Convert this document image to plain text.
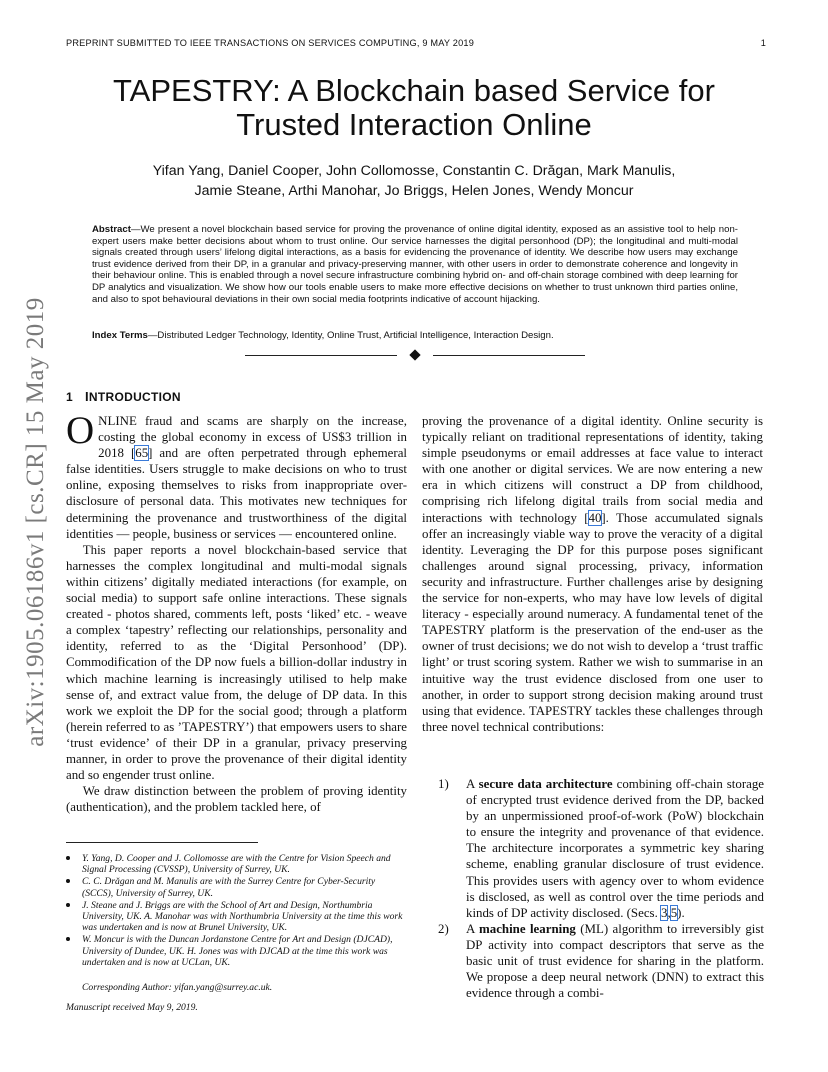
PREPRINT SUBMITTED TO IEEE TRANSACTIONS ON SERVICES COMPUTING, 9 MAY 2019	1
arXiv:1905.06186v1 [cs.CR] 15 May 2019
TAPESTRY: A Blockchain based Service for
Trusted Interaction Online
Yifan Yang, Daniel Cooper, John Collomosse, Constantin C. Drăgan, Mark Manulis,
Jamie Steane, Arthi Manohar, Jo Briggs, Helen Jones, Wendy Moncur
Abstract—We present a novel blockchain based service for proving the provenance of online digital identity, exposed as an assistive tool to help non-expert users make better decisions about whom to trust online. Our service harnesses the digital personhood (DP); the longitudinal and multi-modal signals created through users’ lifelong digital interactions, as a basis for evidencing the provenance of identity. We describe how users may exchange trust evidence derived from their DP, in a granular and privacy-preserving manner, with other users in order to demonstrate coherence and longevity in their behaviour online. This is enabled through a novel secure infrastructure combining hybrid on- and off-chain storage combined with deep learning for DP analytics and visualization. We show how our tools enable users to make more effective decisions on whether to trust unknown third parties online, and also to spot behavioural deviations in their own social media footprints indicative of account hijacking.
Index Terms—Distributed Ledger Technology, Identity, Online Trust, Artificial Intelligence, Interaction Design.
1 INTRODUCTION

ONLINE fraud and scams are sharply on the increase, costing the global economy in excess of US$3 trillion in 2018 [65] and are often perpetrated through ephemeral false identities. Users struggle to make decisions on who to trust online, exposing themselves to risks from inappropriate over-disclosure of personal data. This motivates new techniques for determining the provenance and trustworthiness of the digital identities — people, business or services — encountered online.

This paper reports a novel blockchain-based service that harnesses the complex longitudinal and multi-modal signals within citizens’ digitally mediated interactions (for example, on social media) to support safe online interactions. These signals created - photos shared, comments left, posts ‘liked’ etc. - weave a complex ‘tapestry’ reflecting our relationships, personality and identity, referred to as the ‘Digital Personhood’ (DP). Commodification of the DP now fuels a billion-dollar industry in which machine learning is increasingly utilised to help make sense of, and extract value from, the deluge of DP data. In this work we exploit the DP for the social good; through a platform (herein referred to as ’TAPESTRY’) that empowers users to share ‘trust evidence’ of their DP in a granular, privacy preserving manner, in order to prove the provenance of their digital identity and so engender trust online.

We draw distinction between the problem of proving identity (authentication), and the problem tackled here, of

proving the provenance of a digital identity. Online security is typically reliant on traditional representations of identity, taking simple pseudonyms or email addresses at face value to interact with one another or digital services. We are now entering a new era in which citizens will construct a DP from childhood, comprising rich lifelong digital trails from social media and interactions with technology [40]. Those accumulated signals offer an increasingly viable way to prove the veracity of a digital identity. Leveraging the DP for this purpose poses significant challenges around signal processing, privacy, information security and infrastructure. Further challenges arise by designing the service for non-experts, who may have low levels of digital literacy - especially around numeracy. A fundamental tenet of the TAPESTRY platform is the preservation of the end-user as the owner of trust decisions; we do not wish to develop a ‘trust traffic light’ or trust scoring system. Rather we wish to summarise in an intuitive way the trust evidence disclosed from one user to another, in order to support strong decision making around trust using that evidence. TAPESTRY tackles these challenges through three novel technical contributions:

1) A secure data architecture combining off-chain storage of encrypted trust evidence derived from the DP, backed by an unpermissioned proof-of-work (PoW) blockchain to ensure the integrity and provenance of that evidence. The architecture incorporates a symmetric key sharing scheme, enabling granular disclosure of trust evidence. This provides users with agency over to whom evidence is disclosed, as well as control over the time periods and kinds of DP activity disclosed. (Secs. 3,5).
2) A machine learning (ML) algorithm to irreversibly gist DP activity into compact descriptors that serve as the basic unit of trust evidence for sharing in the platform. We propose a deep neural network (DNN) to extract this evidence through a combi-
Y. Yang, D. Cooper and J. Collomosse are with the Centre for Vision Speech and Signal Processing (CVSSP), University of Surrey, UK.
C. C. Drăgan and M. Manulis are with the Surrey Centre for Cyber-Security (SCCS), University of Surrey, UK.
J. Steane and J. Briggs are with the School of Art and Design, Northumbria University, UK. A. Manohar was with Northumbria University at the time this work was undertaken and is now at Brunel University, UK.
W. Moncur is with the Duncan Jordanstone Centre for Art and Design (DJCAD), University of Dundee, UK. H. Jones was with DJCAD at the time this work was undertaken and is now at UCLan, UK.
Corresponding Author: yifan.yang@surrey.ac.uk.
Manuscript received May 9, 2019.
